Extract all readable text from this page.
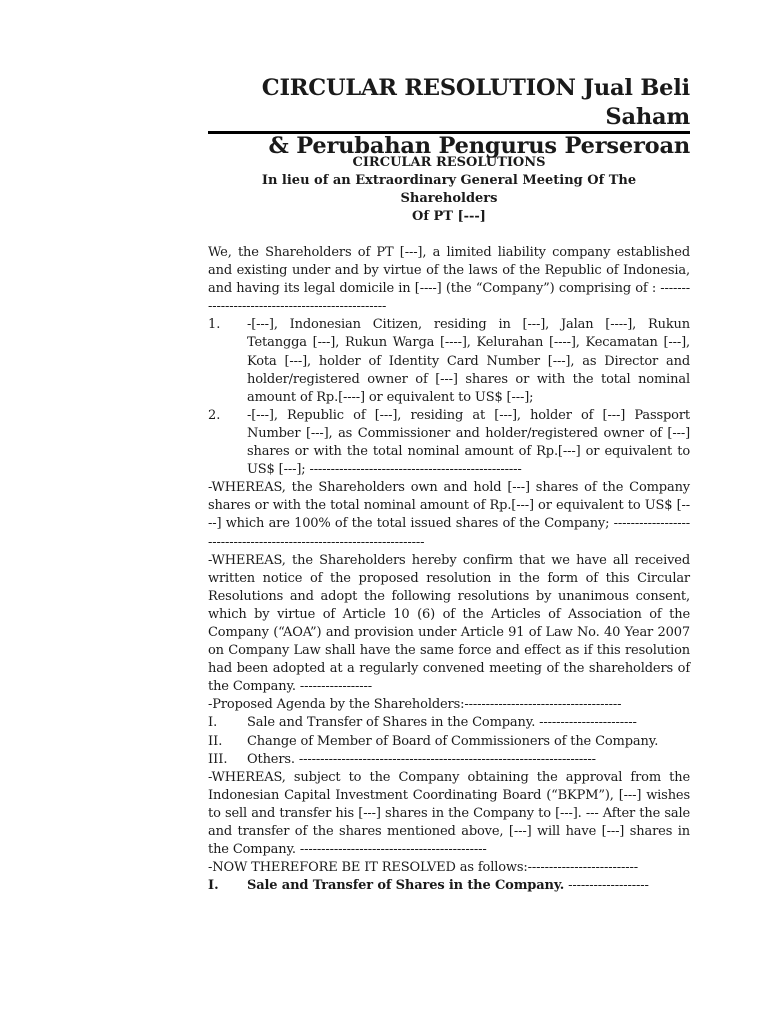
CIRCULAR RESOLUTION Jual Beli Saham
& Perubahan Pengurus Perseroan
CIRCULAR RESOLUTIONS
In lieu of an Extraordinary General Meeting Of The
Shareholders
Of PT [---]

We, the Shareholders of PT [---], a limited liability company established and existing under and by virtue of the laws of the Republic of Indonesia, and having its legal domicile in [----] (the “Company”) comprising of : -------------------------------------------------

1.	-[---], Indonesian Citizen, residing in [---], Jalan [----], Rukun Tetangga [---], Rukun Warga [----], Kelurahan [----], Kecamatan [---], Kota [---], holder of Identity Card Number [---], as Director and holder/registered owner of [---] shares or with the total nominal amount of Rp.[----] or equivalent to US$ [---];
2.	-[---], Republic of [---], residing at [---], holder of [---] Passport Number [---], as Commissioner and holder/registered owner of [---] shares or with the total nominal amount of Rp.[---] or equivalent to US$ [---]; --------------------------------------------------

-WHEREAS, the Shareholders own and hold [---] shares of the Company shares or with the total nominal amount of Rp.[---] or equivalent to US$ [----] which are 100% of the total issued shares of the Company; ---------------------------------------------------------------------

-WHEREAS, the Shareholders hereby confirm that we have all received written notice of the proposed resolution in the form of this Circular Resolutions and adopt the following resolutions by unanimous consent, which by virtue of Article 10 (6) of the Articles of Association of the Company (“AOA”) and provision under Article 91 of Law No. 40 Year 2007 on Company Law shall have the same force and effect as if this resolution had been adopted at a regularly convened meeting of the shareholders of the Company. -----------------

-Proposed Agenda by the Shareholders:-------------------------------------

I.	Sale and Transfer of Shares in the Company. -----------------------
II.	Change of Member of Board of Commissioners of the Company.
III.	Others. ----------------------------------------------------------------------

-WHEREAS, subject to the Company obtaining the approval from the Indonesian Capital Investment Coordinating Board (“BKPM”), [---] wishes to sell and transfer his [---] shares in the Company to [---]. --- After the sale and transfer of the shares mentioned above, [---] will have [---] shares in the Company. --------------------------------------------

-NOW THEREFORE BE IT RESOLVED as follows:--------------------------

I.	Sale and Transfer of Shares in the Company. -------------------
